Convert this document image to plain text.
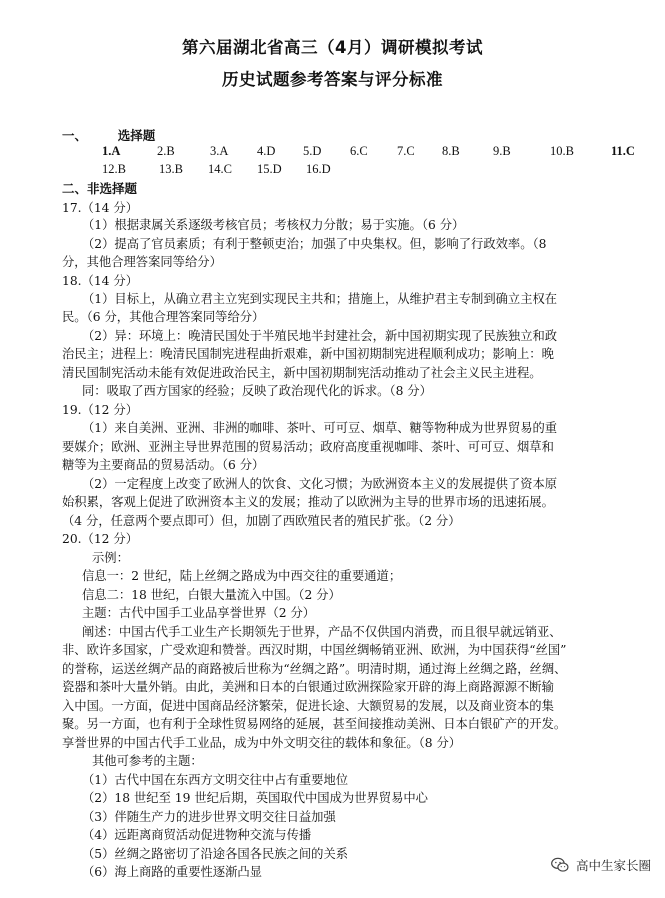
第六届湖北省高三（4月）调研模拟考试
历史试题参考答案与评分标准
一、 选择题
1.A	2.B	3.A 4.D 5.D 6.C 7.C 8.B	9.B	10.B	11.C
12.B	13.B 14.C 15.D 16.D
二、非选择题
17.（14 分）
（1）根据隶属关系逐级考核官员；考核权力分散；易于实施。（6 分）
（2）提高了官员素质；有利于整顿吏治；加强了中央集权。但，影响了行政效率。（8
分，其他合理答案同等给分）
18.（14 分）
（1）目标上，从确立君主立宪到实现民主共和；措施上，从维护君主专制到确立主权在
民。（6 分，其他合理答案同等给分）
（2）异：环境上：晚清民国处于半殖民地半封建社会，新中国初期实现了民族独立和政
治民主；进程上：晚清民国制宪进程曲折艰难，新中国初期制宪进程顺利成功；影响上：晚
清民国制宪活动未能有效促进政治民主，新中国初期制宪活动推动了社会主义民主进程。
同：吸取了西方国家的经验；反映了政治现代化的诉求。（8 分）
19.（12 分）
（1）来自美洲、亚洲、非洲的咖啡、茶叶、可可豆、烟草、糖等物种成为世界贸易的重
要媒介；欧洲、亚洲主导世界范围的贸易活动；政府高度重视咖啡、茶叶、可可豆、烟草和
糖等为主要商品的贸易活动。（6 分）
（2）一定程度上改变了欧洲人的饮食、文化习惯；为欧洲资本主义的发展提供了资本原
始积累，客观上促进了欧洲资本主义的发展；推动了以欧洲为主导的世界市场的迅速拓展。
（4 分，任意两个要点即可）但，加剧了西欧殖民者的殖民扩张。（2 分）
20.（12 分）
示例：
信息一：2 世纪，陆上丝绸之路成为中西交往的重要通道；
信息二：18 世纪，白银大量流入中国。（2 分）
主题：古代中国手工业品享誉世界（2 分）
阐述：中国古代手工业生产长期领先于世界，产品不仅供国内消费，而且很早就远销亚、
非、欧许多国家，广受欢迎和赞誉。西汉时期，中国丝绸畅销亚洲、欧洲，为中国获得“丝国”
的誉称，运送丝绸产品的商路被后世称为“丝绸之路”。明清时期，通过海上丝绸之路，丝绸、
瓷器和茶叶大量外销。由此，美洲和日本的白银通过欧洲探险家开辟的海上商路源源不断输
入中国。一方面，促进中国商品经济繁荣，促进长途、大额贸易的发展，以及商业资本的集
聚。另一方面，也有利于全球性贸易网络的延展，甚至间接推动美洲、日本白银矿产的开发。
享誉世界的中国古代手工业品，成为中外文明交往的载体和象征。（8 分）
其他可参考的主题：
（1）古代中国在东西方文明交往中占有重要地位
（2）18 世纪至 19 世纪后期，英国取代中国成为世界贸易中心
（3）伴随生产力的进步世界文明交往日益加强
（4）远距离商贸活动促进物种交流与传播
（5）丝绸之路密切了沿途各国各民族之间的关系
（6）海上商路的重要性逐渐凸显	高中生家长圈
